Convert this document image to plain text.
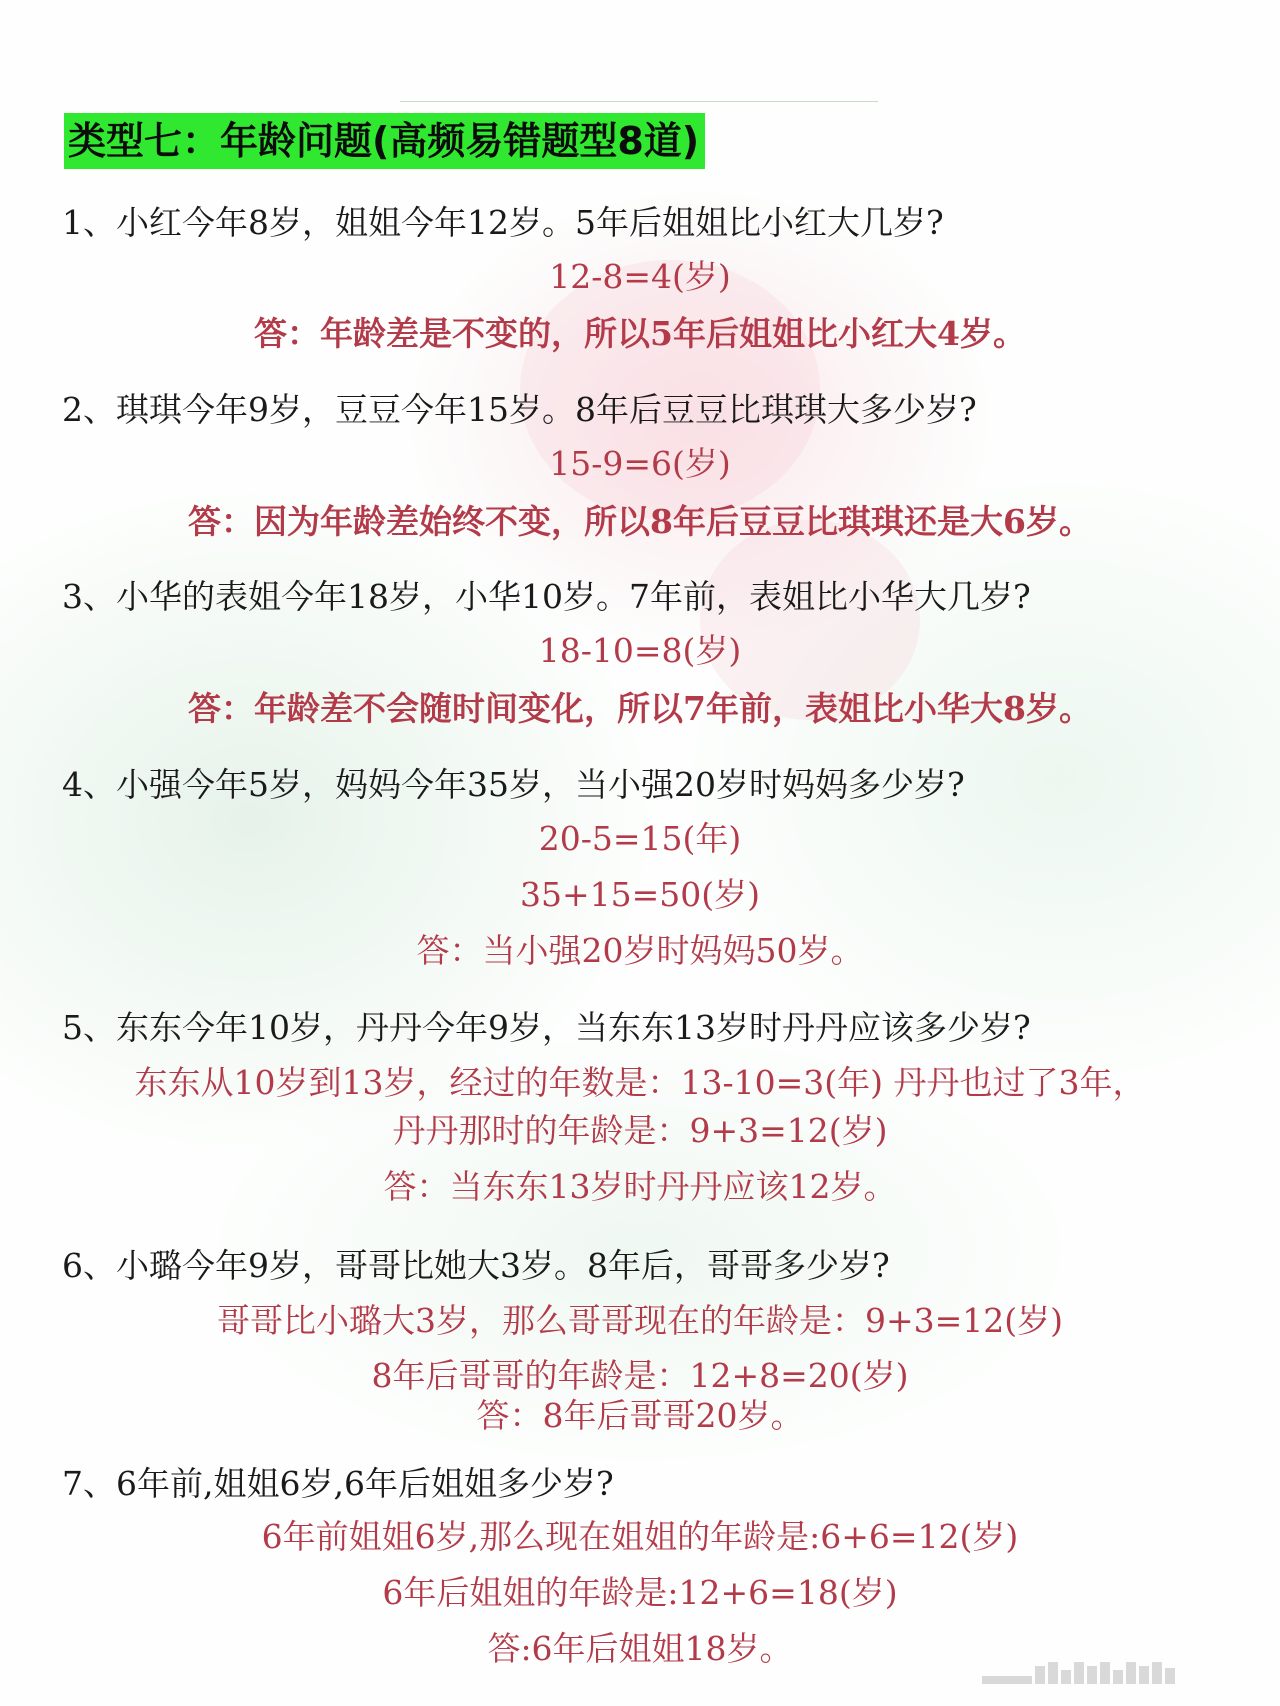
类型七：年龄问题(高频易错题型8道)
1、小红今年8岁，姐姐今年12岁。5年后姐姐比小红大几岁?
12-8=4(岁)
答：年龄差是不变的，所以5年后姐姐比小红大4岁。
2、琪琪今年9岁，豆豆今年15岁。8年后豆豆比琪琪大多少岁?
15-9=6(岁)
答：因为年龄差始终不变，所以8年后豆豆比琪琪还是大6岁。
3、小华的表姐今年18岁，小华10岁。7年前，表姐比小华大几岁?
18-10=8(岁)
答：年龄差不会随时间变化，所以7年前，表姐比小华大8岁。
4、小强今年5岁，妈妈今年35岁，当小强20岁时妈妈多少岁?
20-5=15(年)
35+15=50(岁)
答：当小强20岁时妈妈50岁。
5、东东今年10岁，丹丹今年9岁，当东东13岁时丹丹应该多少岁?
东东从10岁到13岁，经过的年数是：13-10=3(年) 丹丹也过了3年，
丹丹那时的年龄是：9+3=12(岁)
答：当东东13岁时丹丹应该12岁。
6、小璐今年9岁，哥哥比她大3岁。8年后，哥哥多少岁?
哥哥比小璐大3岁，那么哥哥现在的年龄是：9+3=12(岁)
8年后哥哥的年龄是：12+8=20(岁)
答：8年后哥哥20岁。
7、6年前,姐姐6岁,6年后姐姐多少岁?
6年前姐姐6岁,那么现在姐姐的年龄是:6+6=12(岁)
6年后姐姐的年龄是:12+6=18(岁)
答:6年后姐姐18岁。
